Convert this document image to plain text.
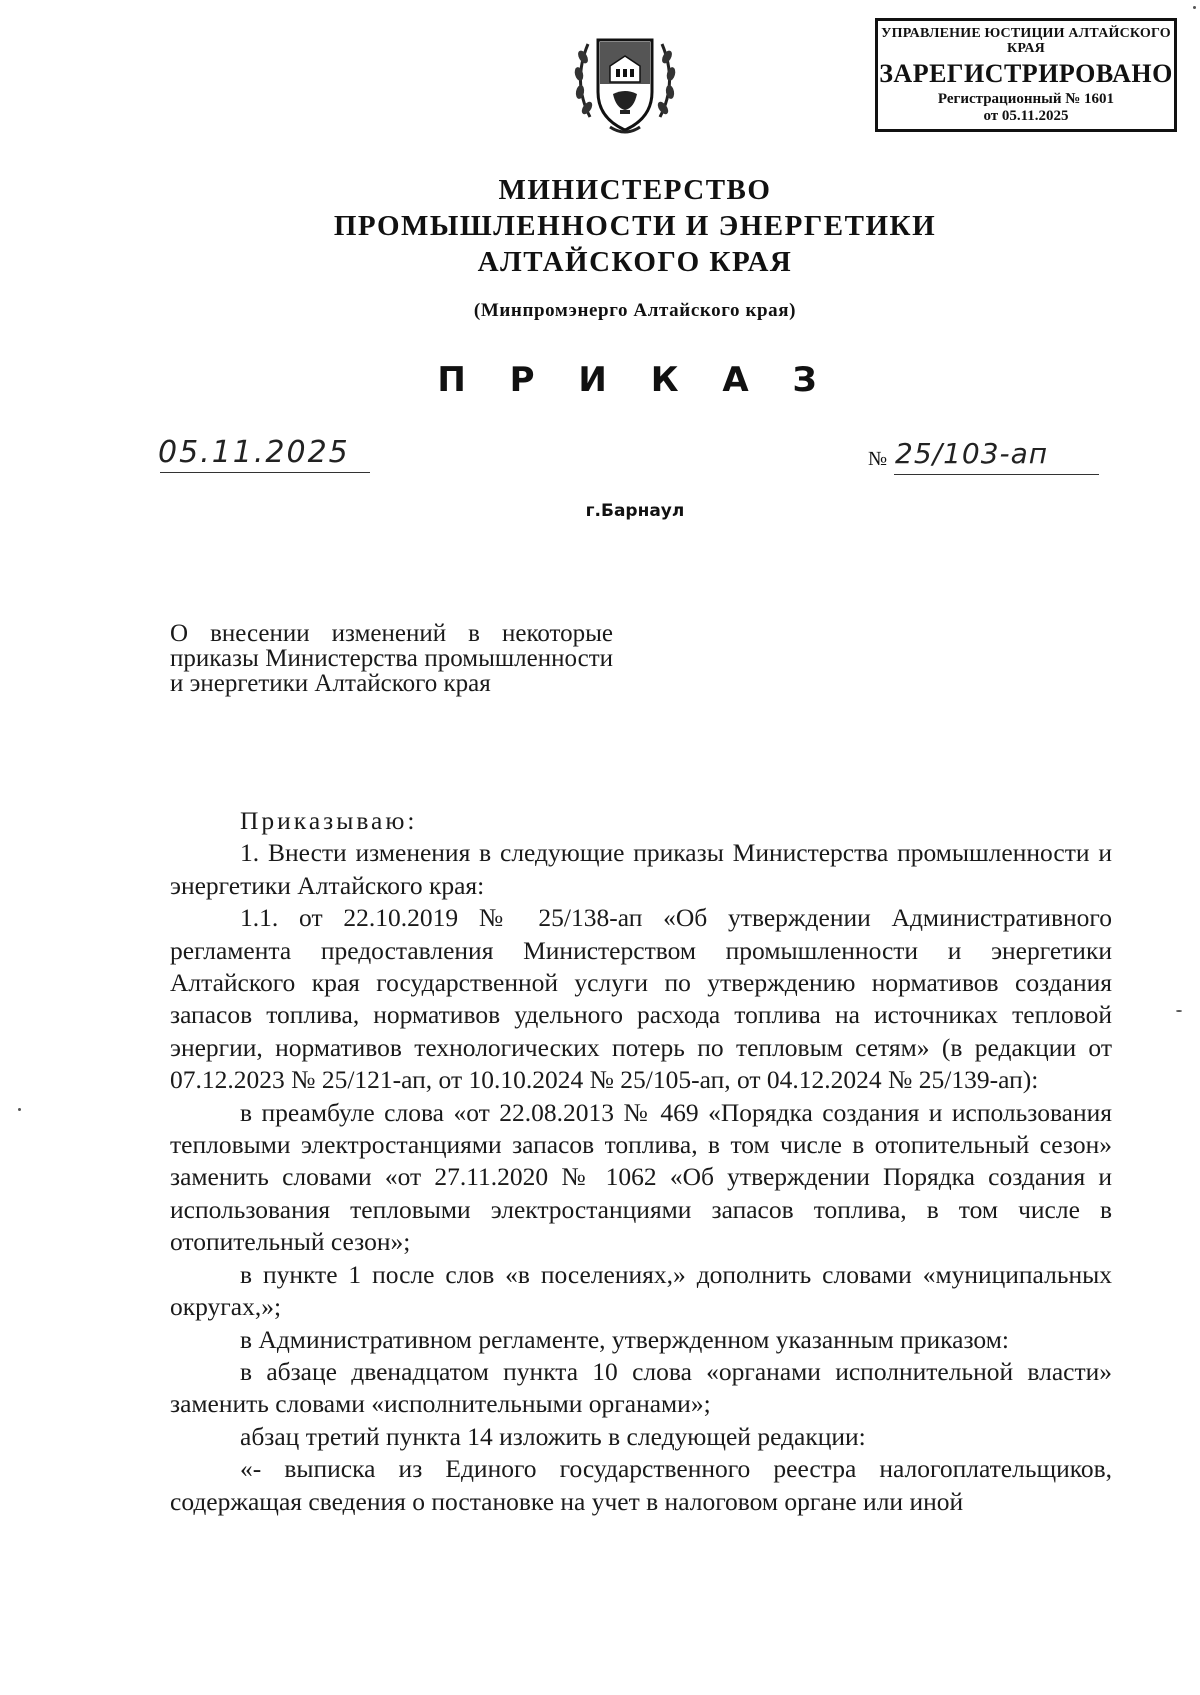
УПРАВЛЕНИЕ ЮСТИЦИИ АЛТАЙСКОГО КРАЯ
ЗАРЕГИСТРИРОВАНО
Регистрационный № 1601
от 05.11.2025
МИНИСТЕРСТВО
ПРОМЫШЛЕННОСТИ И ЭНЕРГЕТИКИ
АЛТАЙСКОГО КРАЯ
(Минпромэнерго Алтайского края)
П Р И К А З
05.11.2025	№ 25/103-ап
г.Барнаул
О внесении изменений в некоторые приказы Министерства промышленности и энергетики Алтайского края

Приказываю:

1. Внести изменения в следующие приказы Министерства промышленности и энергетики Алтайского края:

1.1. от 22.10.2019 № 25/138-ап «Об утверждении Административного регламента предоставления Министерством промышленности и энергетики Алтайского края государственной услуги по утверждению нормативов создания запасов топлива, нормативов удельного расхода топлива на источниках тепловой энергии, нормативов технологических потерь по тепловым сетям» (в редакции от 07.12.2023 № 25/121-ап, от 10.10.2024 № 25/105-ап, от 04.12.2024 № 25/139-ап):

в преамбуле слова «от 22.08.2013 № 469 «Порядка создания и использования тепловыми электростанциями запасов топлива, в том числе в отопительный сезон» заменить словами «от 27.11.2020 № 1062 «Об утверждении Порядка создания и использования тепловыми электростанциями запасов топлива, в том числе в отопительный сезон»;

в пункте 1 после слов «в поселениях,» дополнить словами «муниципальных округах,»;

в Административном регламенте, утвержденном указанным приказом:

в абзаце двенадцатом пункта 10 слова «органами исполнительной власти» заменить словами «исполнительными органами»;

абзац третий пункта 14 изложить в следующей редакции:

«- выписка из Единого государственного реестра налогоплательщиков, содержащая сведения о постановке на учет в налоговом органе или иной
